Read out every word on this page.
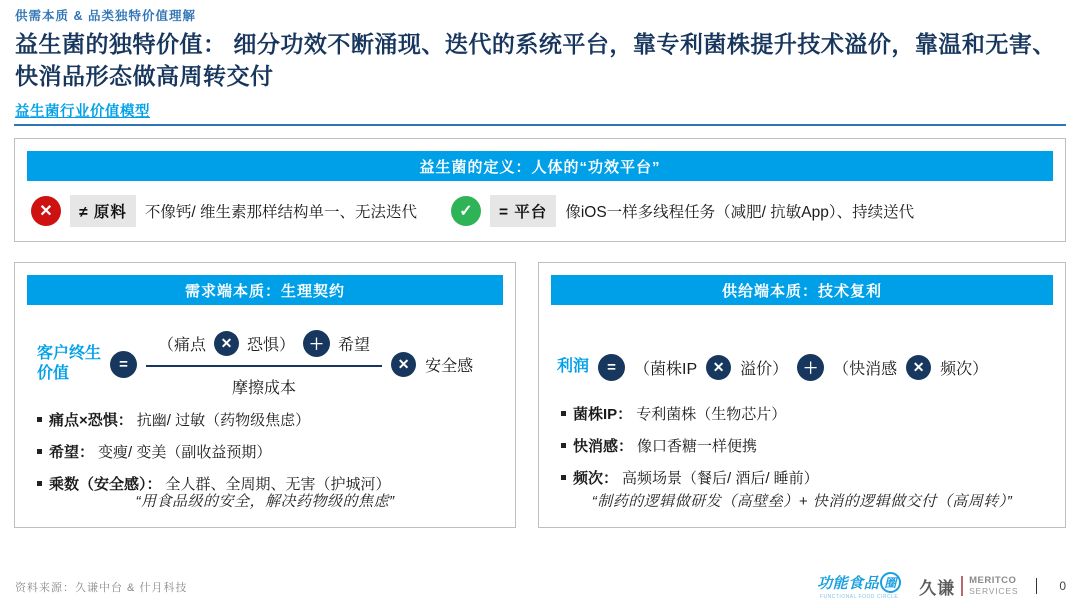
供需本质 & 品类独特价值理解
益生菌的独特价值： 细分功效不断涌现、迭代的系统平台，靠专利菌株提升技术溢价，靠温和无害、快消品形态做高周转交付
益生菌行业价值模型
益生菌的定义：人体的“功效平台”
✕	≠ 原料	不像钙/ 维生素那样结构单一、无法迭代	✓	= 平台	像iOS一样多线程任务（减肥/ 抗敏App）、持续送代
需求端本质：生理契约
客户终生
价值
=	（痛点	✕ 恐惧） ＋ 希望
摩擦成本	✕ 安全感
痛点×恐惧： 抗幽/ 过敏（药物级焦虑）
希望： 变瘦/ 变美（副收益预期）
乘数（安全感）： 全人群、全周期、无害（护城河）
“用食品级的安全，解决药物级的焦虑”
供给端本质：技术复利
利润	=	（菌株IP	✕ 溢价） ＋ （快消感	✕ 频次）
菌株IP： 专利菌株（生物芯片）
快消感： 像口香糖一样便携
频次： 高频场景（餐后/ 酒后/ 睡前）
“制药的逻辑做研发（高壁垒）+ 快消的逻辑做交付（高周转）”
资料来源：久谦中台 & 什月科技	功能食品 圈
FUNCTIONAL FOOD CIRCLE 久谦 MERITCO
SERVICES	0
